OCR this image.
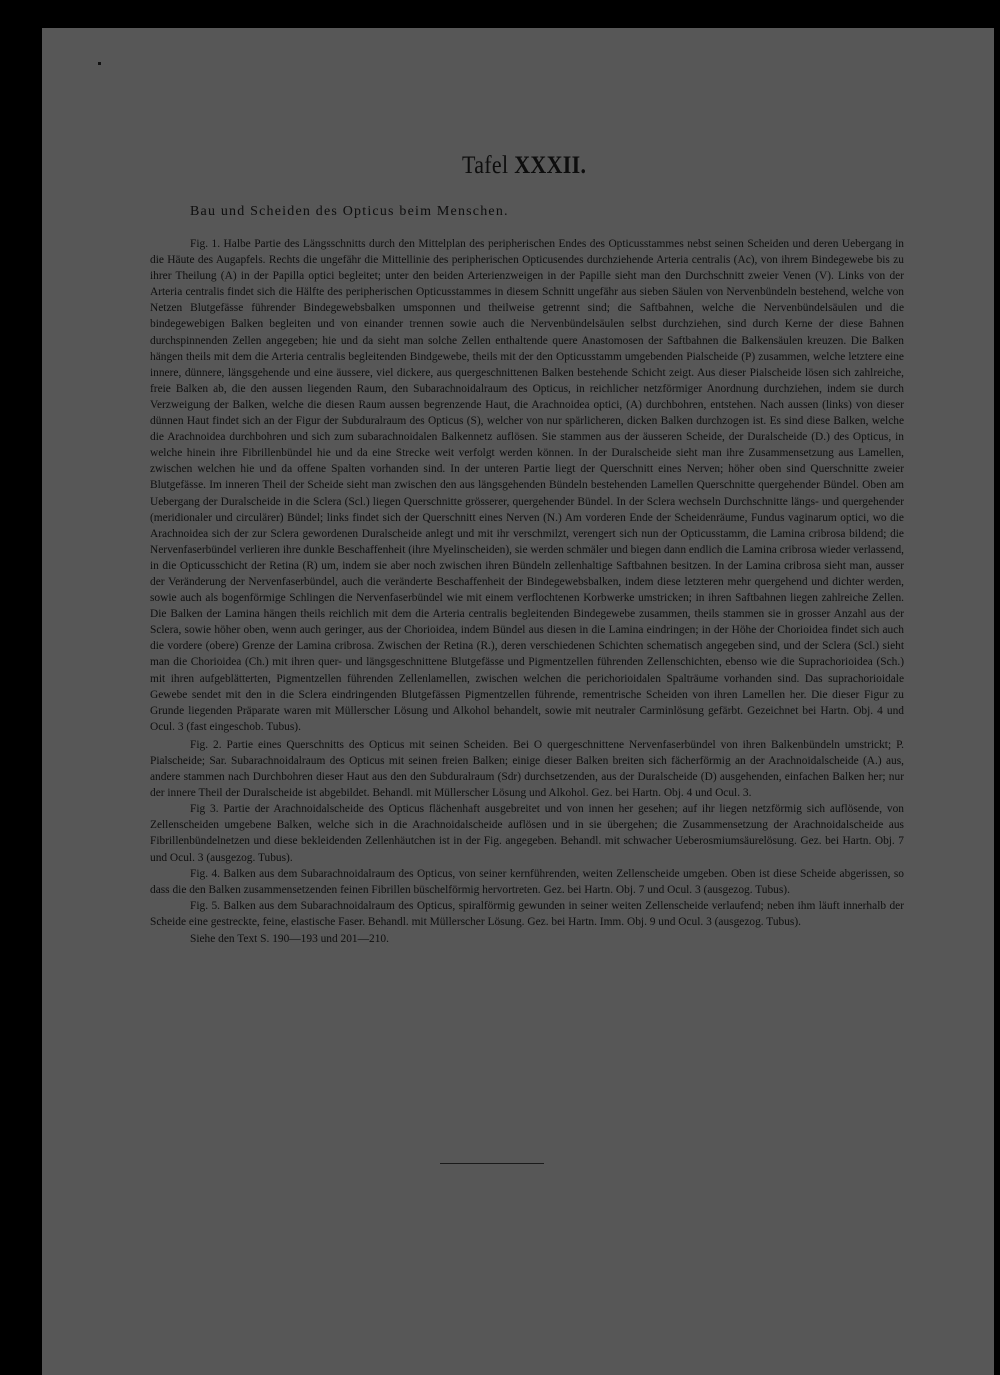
Tafel XXXII.
Bau und Scheiden des Opticus beim Menschen.

Fig. 1. Halbe Partie des Längsschnitts durch den Mittelplan des peripherischen Endes des Opticusstammes nebst seinen Scheiden und deren Uebergang in die Häute des Augapfels. Rechts die ungefähr die Mittellinie des peripherischen Opticusendes durchziehende Arteria centralis (Ac), von ihrem Bindegewebe bis zu ihrer Theilung (A) in der Papilla optici begleitet; unter den beiden Arterienzweigen in der Papille sieht man den Durchschnitt zweier Venen (V). Links von der Arteria centralis findet sich die Hälfte des peripherischen Opticusstammes in diesem Schnitt ungefähr aus sieben Säulen von Nervenbündeln bestehend, welche von Netzen Blutgefässe führender Bindegewebsbalken umsponnen und theilweise getrennt sind; die Saftbahnen, welche die Nervenbündelsäulen und die bindegewebigen Balken begleiten und von einander trennen sowie auch die Nervenbündelsäulen selbst durchziehen, sind durch Kerne der diese Bahnen durchspinnenden Zellen angegeben; hie und da sieht man solche Zellen enthaltende quere Anastomosen der Saftbahnen die Balkensäulen kreuzen. Die Balken hängen theils mit dem die Arteria centralis begleitenden Bindgewebe, theils mit der den Opticusstamm umgebenden Pialscheide (P) zusammen, welche letztere eine innere, dünnere, längsgehende und eine äussere, viel dickere, aus quergeschnittenen Balken bestehende Schicht zeigt. Aus dieser Pialscheide lösen sich zahlreiche, freie Balken ab, die den aussen liegenden Raum, den Subarachnoidalraum des Opticus, in reichlicher netzförmiger Anordnung durchziehen, indem sie durch Verzweigung der Balken, welche die diesen Raum aussen begrenzende Haut, die Arachnoidea optici, (A) durchbohren, entstehen. Nach aussen (links) von dieser dünnen Haut findet sich an der Figur der Subduralraum des Opticus (S), welcher von nur spärlicheren, dicken Balken durchzogen ist. Es sind diese Balken, welche die Arachnoidea durchbohren und sich zum subarachnoidalen Balkennetz auflösen. Sie stammen aus der äusseren Scheide, der Duralscheide (D.) des Opticus, in welche hinein ihre Fibrillenbündel hie und da eine Strecke weit verfolgt werden können. In der Duralscheide sieht man ihre Zusammensetzung aus Lamellen, zwischen welchen hie und da offene Spalten vorhanden sind. In der unteren Partie liegt der Querschnitt eines Nerven; höher oben sind Querschnitte zweier Blutgefässe. Im inneren Theil der Scheide sieht man zwischen den aus längsgehenden Bündeln bestehenden Lamellen Querschnitte quergehender Bündel. Oben am Uebergang der Duralscheide in die Sclera (Scl.) liegen Querschnitte grösserer, quergehender Bündel. In der Sclera wechseln Durchschnitte längs- und quergehender (meridionaler und circulärer) Bündel; links findet sich der Querschnitt eines Nerven (N.) Am vorderen Ende der Scheidenräume, Fundus vaginarum optici, wo die Arachnoidea sich der zur Sclera gewordenen Duralscheide anlegt und mit ihr verschmilzt, verengert sich nun der Opticusstamm, die Lamina cribrosa bildend; die Nervenfaserbündel verlieren ihre dunkle Beschaffenheit (ihre Myelinscheiden), sie werden schmäler und biegen dann endlich die Lamina cribrosa wieder verlassend, in die Opticusschicht der Retina (R) um, indem sie aber noch zwischen ihren Bündeln zellenhaltige Saftbahnen besitzen. In der Lamina cribrosa sieht man, ausser der Veränderung der Nervenfaserbündel, auch die veränderte Beschaffenheit der Bindegewebsbalken, indem diese letzteren mehr quergehend und dichter werden, sowie auch als bogenförmige Schlingen die Nervenfaserbündel wie mit einem verflochtenen Korbwerke umstricken; in ihren Saftbahnen liegen zahlreiche Zellen. Die Balken der Lamina hängen theils reichlich mit dem die Arteria centralis begleitenden Bindegewebe zusammen, theils stammen sie in grosser Anzahl aus der Sclera, sowie höher oben, wenn auch geringer, aus der Chorioidea, indem Bündel aus diesen in die Lamina eindringen; in der Höhe der Chorioidea findet sich auch die vordere (obere) Grenze der Lamina cribrosa. Zwischen der Retina (R.), deren verschiedenen Schichten schematisch angegeben sind, und der Sclera (Scl.) sieht man die Chorioidea (Ch.) mit ihren quer- und längsgeschnittene Blutgefässe und Pigmentzellen führenden Zellenschichten, ebenso wie die Suprachorioidea (Sch.) mit ihren aufgeblätterten, Pigmentzellen führenden Zellenlamellen, zwischen welchen die perichorioidalen Spalträume vorhanden sind. Das suprachorioidale Gewebe sendet mit den in die Sclera eindringenden Blutgefässen Pigmentzellen führende, rementrische Scheiden von ihren Lamellen her. Die dieser Figur zu Grunde liegenden Präparate waren mit Müllerscher Lösung und Alkohol behandelt, sowie mit neutraler Carminlösung gefärbt. Gezeichnet bei Hartn. Obj. 4 und Ocul. 3 (fast eingeschob. Tubus).

Fig. 2. Partie eines Querschnitts des Opticus mit seinen Scheiden. Bei O quergeschnittene Nervenfaserbündel von ihren Balkenbündeln umstrickt; P. Pialscheide; Sar. Subarachnoidalraum des Opticus mit seinen freien Balken; einige dieser Balken breiten sich fächerförmig an der Arachnoidalscheide (A.) aus, andere stammen nach Durchbohren dieser Haut aus den den Subduralraum (Sdr) durchsetzenden, aus der Duralscheide (D) ausgehenden, einfachen Balken her; nur der innere Theil der Duralscheide ist abgebildet. Behandl. mit Müllerscher Lösung und Alkohol. Gez. bei Hartn. Obj. 4 und Ocul. 3.

Fig 3. Partie der Arachnoidalscheide des Opticus flächenhaft ausgebreitet und von innen her gesehen; auf ihr liegen netzförmig sich auflösende, von Zellenscheiden umgebene Balken, welche sich in die Arachnoidalscheide auflösen und in sie übergehen; die Zusammensetzung der Arachnoidalscheide aus Fibrillenbündelnetzen und diese bekleidenden Zellenhäutchen ist in der Fig. angegeben. Behandl. mit schwacher Ueberosmiumsäurelösung. Gez. bei Hartn. Obj. 7 und Ocul. 3 (ausgezog. Tubus).

Fig. 4. Balken aus dem Subarachnoidalraum des Opticus, von seiner kernführenden, weiten Zellenscheide umgeben. Oben ist diese Scheide abgerissen, so dass die den Balken zusammensetzenden feinen Fibrillen büschelförmig hervortreten. Gez. bei Hartn. Obj. 7 und Ocul. 3 (ausgezog. Tubus).

Fig. 5. Balken aus dem Subarachnoidalraum des Opticus, spiralförmig gewunden in seiner weiten Zellenscheide verlaufend; neben ihm läuft innerhalb der Scheide eine gestreckte, feine, elastische Faser. Behandl. mit Müllerscher Lösung. Gez. bei Hartn. Imm. Obj. 9 und Ocul. 3 (ausgezog. Tubus).

Siehe den Text S. 190—193 und 201—210.
